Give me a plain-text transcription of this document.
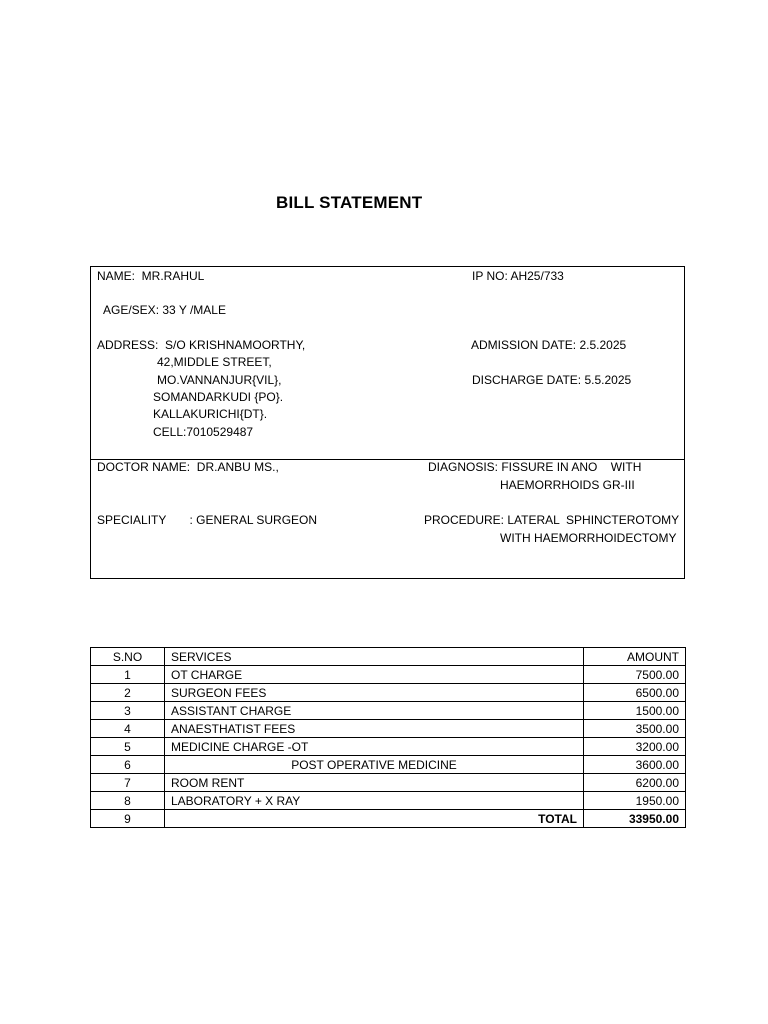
BILL STATEMENT
NAME:  MR.RAHUL	IP NO: AH25/733
AGE/SEX: 33 Y /MALE
ADDRESS:  S/O KRISHNAMOORTHY,
42,MIDDLE STREET,
MO.VANNANJUR{VIL},
SOMANDARKUDI {PO}.
KALLAKURICHI{DT}.
CELL:7010529487
ADMISSION DATE: 2.5.2025
DISCHARGE DATE: 5.5.2025
DOCTOR NAME:  DR.ANBU MS.,	DIAGNOSIS: FISSURE IN ANO    WITH
HAEMORRHOIDS GR-III
SPECIALITY       : GENERAL SURGEON	PROCEDURE: LATERAL  SPHINCTEROTOMY
WITH HAEMORRHOIDECTOMY
S.NO	SERVICES	AMOUNT
1	OT CHARGE	7500.00
2	SURGEON FEES	6500.00
3	ASSISTANT CHARGE	1500.00
4	ANAESTHATIST FEES	3500.00
5	MEDICINE CHARGE -OT	3200.00
6	POST OPERATIVE MEDICINE	3600.00
7	ROOM RENT	6200.00
8	LABORATORY + X RAY	1950.00
9	TOTAL	33950.00
